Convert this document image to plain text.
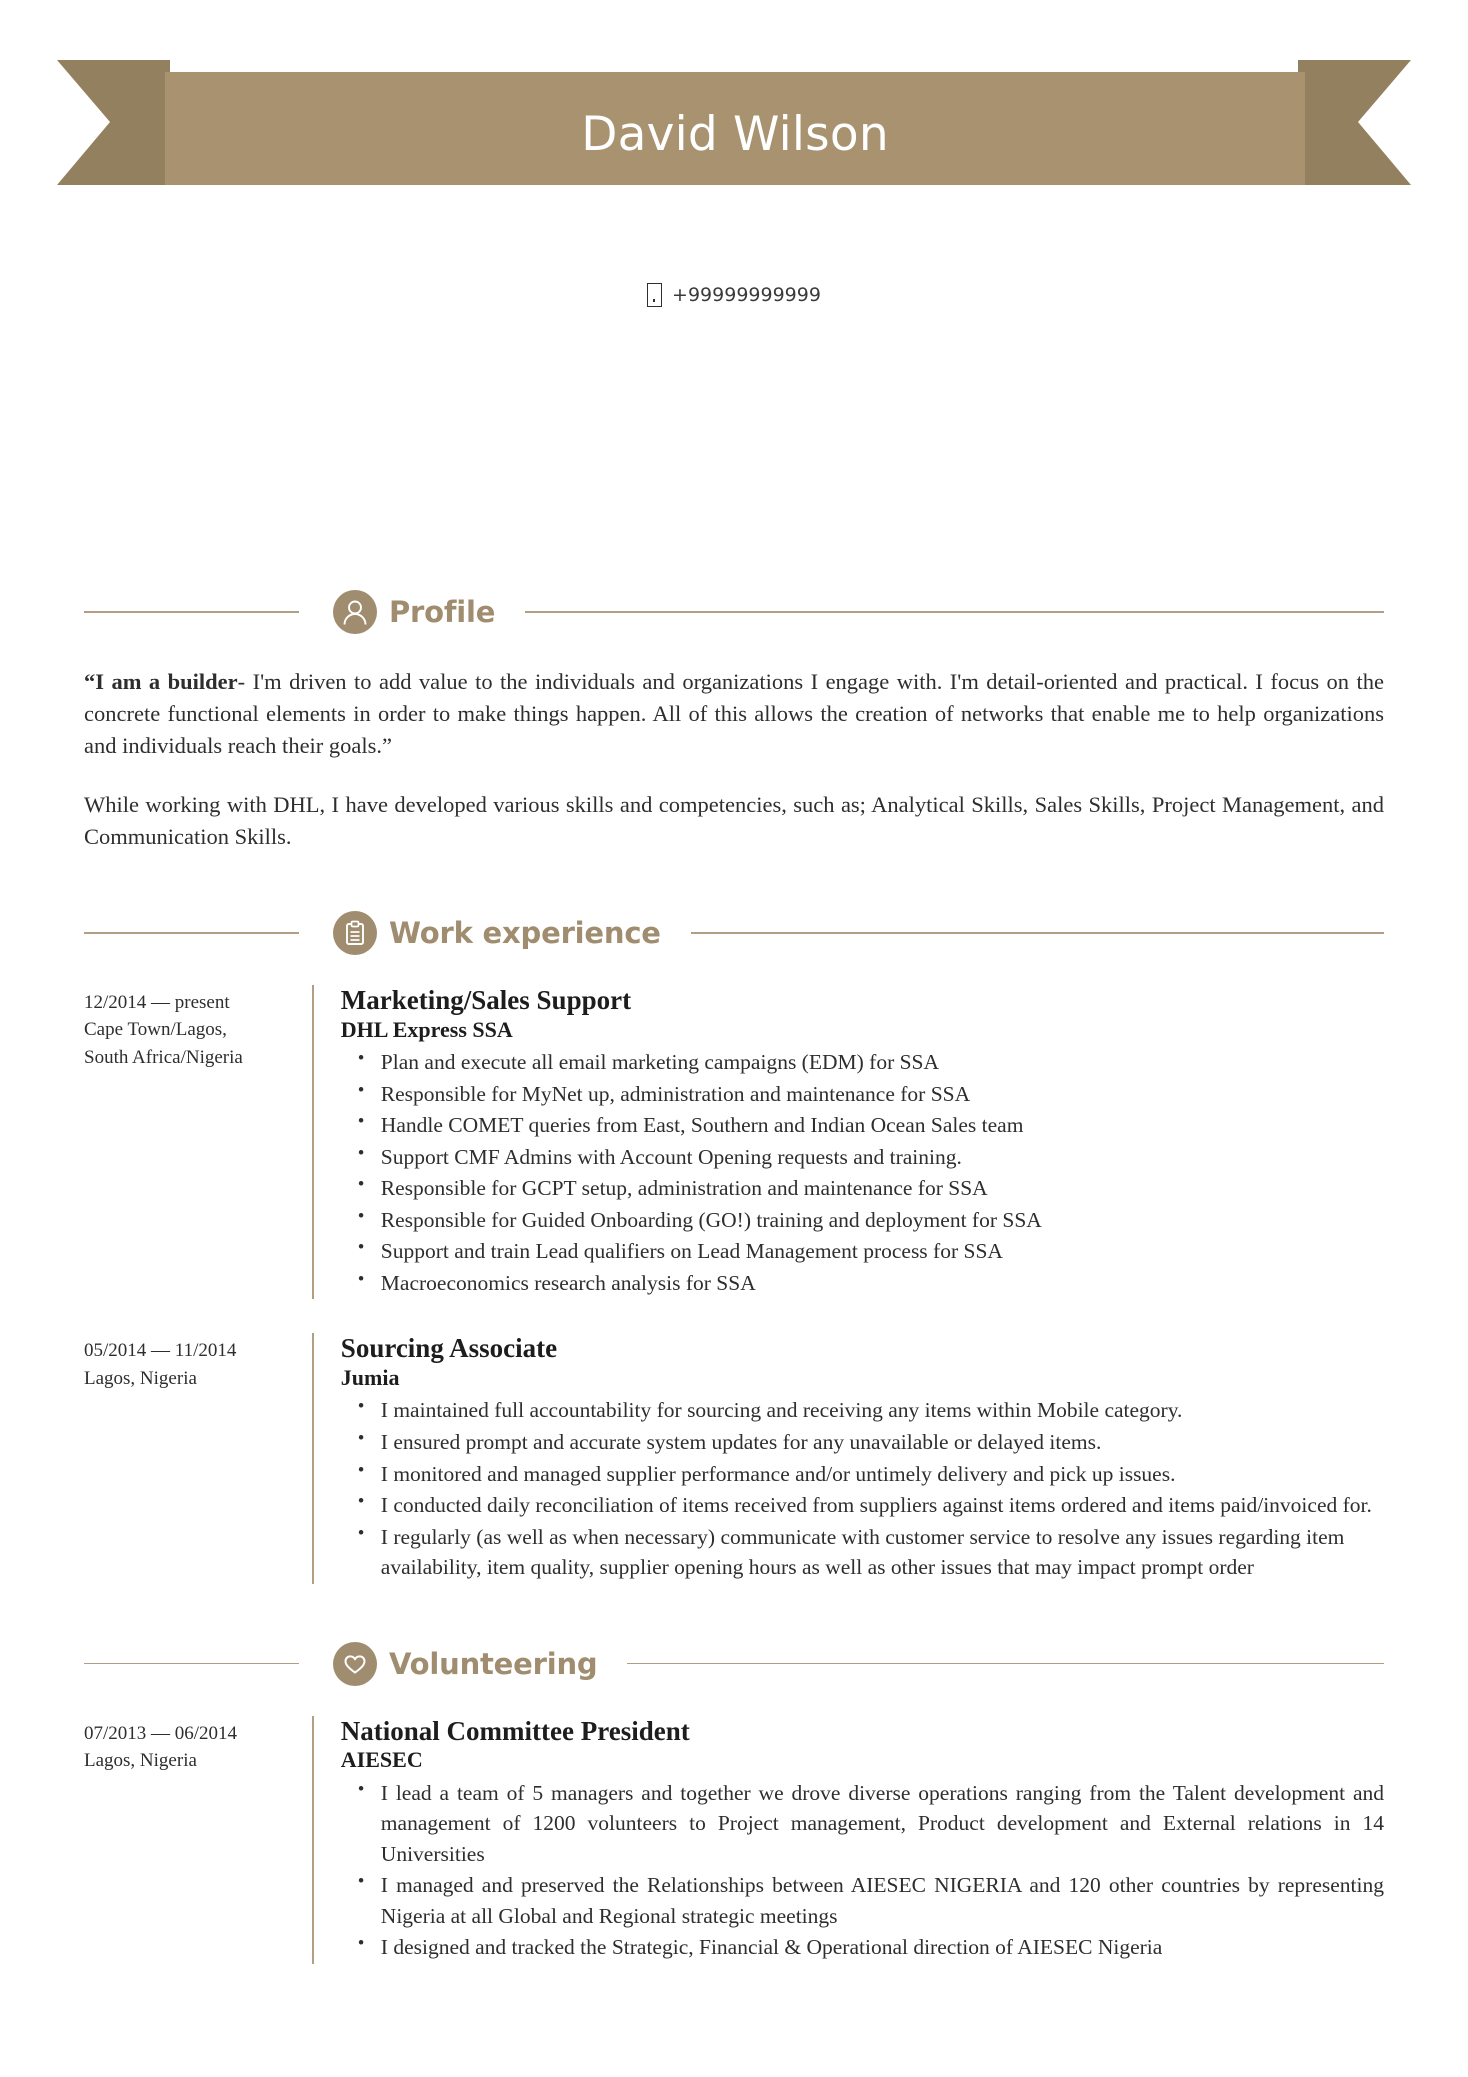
David Wilson
+99999999999
Profile

“I am a builder- I'm driven to add value to the individuals and organizations I engage with. I'm detail-oriented and practical. I focus on the concrete functional elements in order to make things happen. All of this allows the creation of networks that enable me to help organizations and individuals reach their goals.”

While working with DHL, I have developed various skills and competencies, such as; Analytical Skills, Sales Skills, Project Management, and Communication Skills.

Work experience
12/2014 — present
Cape Town/Lagos,
South Africa/Nigeria

Marketing/Sales Support

DHL Express SSA

• Plan and execute all email marketing campaigns (EDM) for SSA
• Responsible for MyNet up, administration and maintenance for SSA
• Handle COMET queries from East, Southern and Indian Ocean Sales team
• Support CMF Admins with Account Opening requests and training.
• Responsible for GCPT setup, administration and maintenance for SSA
• Responsible for Guided Onboarding (GO!) training and deployment for SSA
• Support and train Lead qualifiers on Lead Management process for SSA
• Macroeconomics research analysis for SSA
05/2014 — 11/2014
Lagos, Nigeria

Sourcing Associate

Jumia

• I maintained full accountability for sourcing and receiving any items within Mobile category.
• I ensured prompt and accurate system updates for any unavailable or delayed items.
• I monitored and managed supplier performance and/or untimely delivery and pick up issues.
• I conducted daily reconciliation of items received from suppliers against items ordered and items paid/invoiced for.
• I regularly (as well as when necessary) communicate with customer service to resolve any issues regarding item availability, item quality, supplier opening hours as well as other issues that may impact prompt order
Volunteering
07/2013 — 06/2014
Lagos, Nigeria

National Committee President

AIESEC

• I lead a team of 5 managers and together we drove diverse operations ranging from the Talent development and management of 1200 volunteers to Project management, Product development and External relations in 14 Universities
• I managed and preserved the Relationships between AIESEC NIGERIA and 120 other countries by representing Nigeria at all Global and Regional strategic meetings
• I designed and tracked the Strategic, Financial & Operational direction of AIESEC Nigeria
